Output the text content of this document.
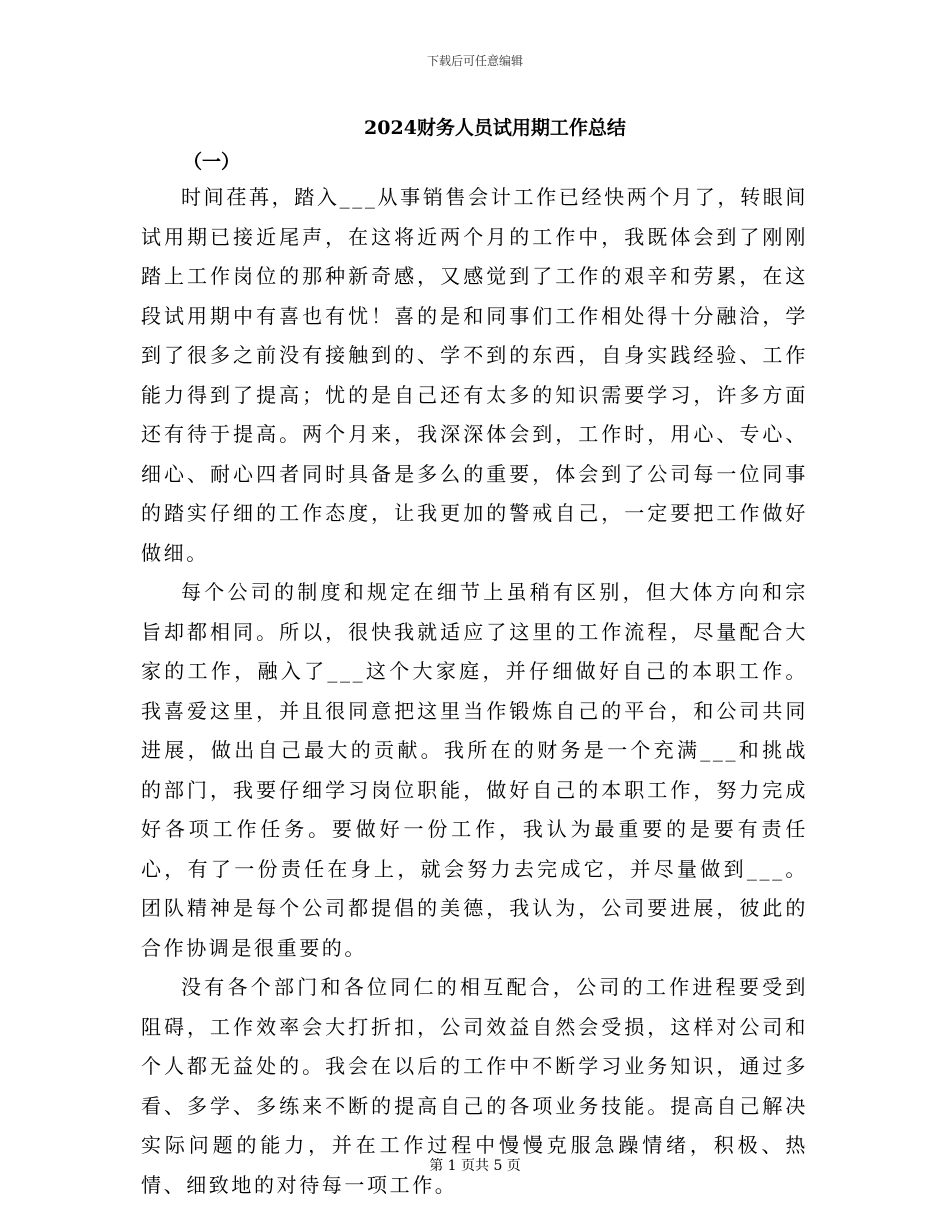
下载后可任意编辑
2024财务人员试用期工作总结
（一）

时间荏苒，踏入___从事销售会计工作已经快两个月了，转眼间试用期已接近尾声，在这将近两个月的工作中，我既体会到了刚刚踏上工作岗位的那种新奇感，又感觉到了工作的艰辛和劳累，在这段试用期中有喜也有忧！喜的是和同事们工作相处得十分融洽，学到了很多之前没有接触到的、学不到的东西，自身实践经验、工作能力得到了提高；忧的是自己还有太多的知识需要学习，许多方面还有待于提高。两个月来，我深深体会到，工作时，用心、专心、细心、耐心四者同时具备是多么的重要，体会到了公司每一位同事的踏实仔细的工作态度，让我更加的警戒自己，一定要把工作做好做细。

每个公司的制度和规定在细节上虽稍有区别，但大体方向和宗旨却都相同。所以，很快我就适应了这里的工作流程，尽量配合大家的工作，融入了___这个大家庭，并仔细做好自己的本职工作。我喜爱这里，并且很同意把这里当作锻炼自己的平台，和公司共同进展，做出自己最大的贡献。我所在的财务是一个充满___和挑战的部门，我要仔细学习岗位职能，做好自己的本职工作，努力完成好各项工作任务。要做好一份工作，我认为最重要的是要有责任心，有了一份责任在身上，就会努力去完成它，并尽量做到___。团队精神是每个公司都提倡的美德，我认为，公司要进展，彼此的合作协调是很重要的。

没有各个部门和各位同仁的相互配合，公司的工作进程要受到阻碍，工作效率会大打折扣，公司效益自然会受损，这样对公司和个人都无益处的。我会在以后的工作中不断学习业务知识，通过多看、多学、多练来不断的提高自己的各项业务技能。提高自己解决实际问题的能力，并在工作过程中慢慢克服急躁情绪，积极、热情、细致地的对待每一项工作。

第 1 页共 5 页
